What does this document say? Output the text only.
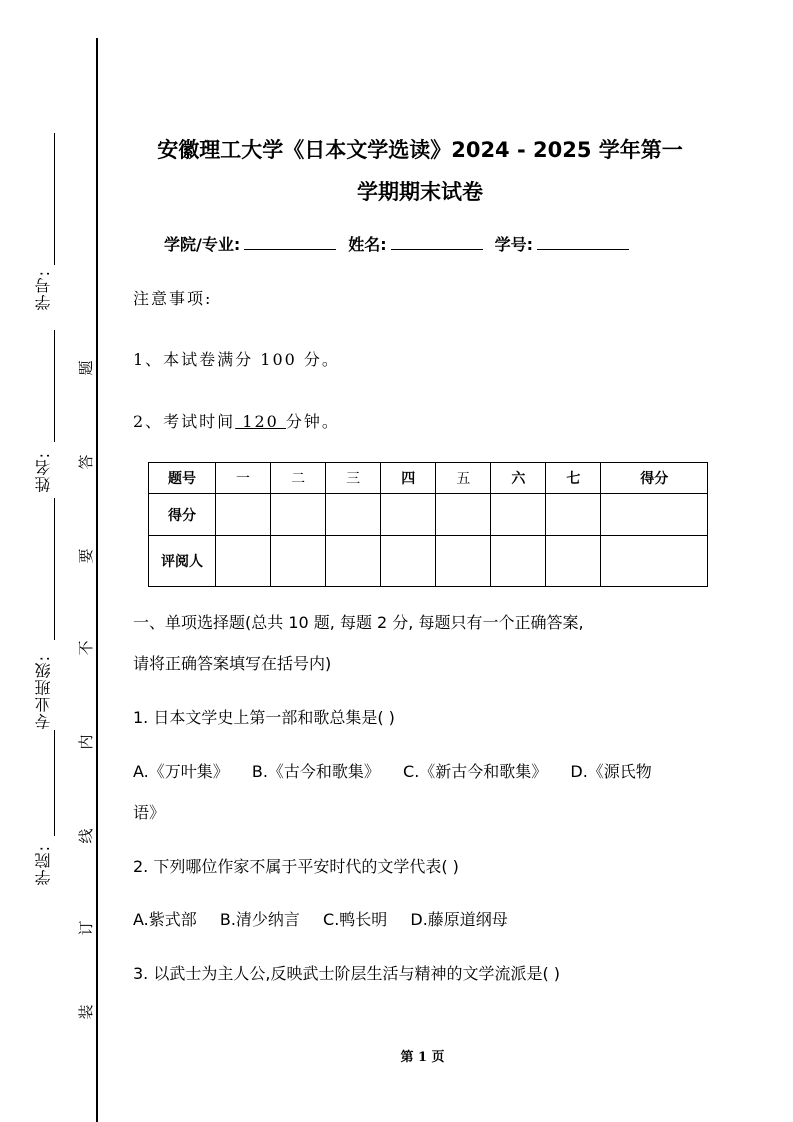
学号:
姓名:
专业班级:
学院:
题
答
要
不
内
线
订
装
安徽理工大学《日本文学选读》2024 - 2025 学年第一
学期期末试卷
学院/专业:	姓名:	学号:
注意事项:
1、本试卷满分 100 分。
2、考试时间 120 分钟。
题号	一	二	三	四	五	六	七	得分
得分								
评阅人								
一、单项选择题(总共 10 题, 每题 2 分, 每题只有一个正确答案,
请将正确答案填写在括号内)
1. 日本文学史上第一部和歌总集是( )
A.《万叶集》 B.《古今和歌集》 C.《新古今和歌集》 D.《源氏物
语》
2. 下列哪位作家不属于平安时代的文学代表( )
A.紫式部 B.清少纳言 C.鸭长明 D.藤原道纲母
3. 以武士为主人公,反映武士阶层生活与精神的文学流派是( )
第 1 页
